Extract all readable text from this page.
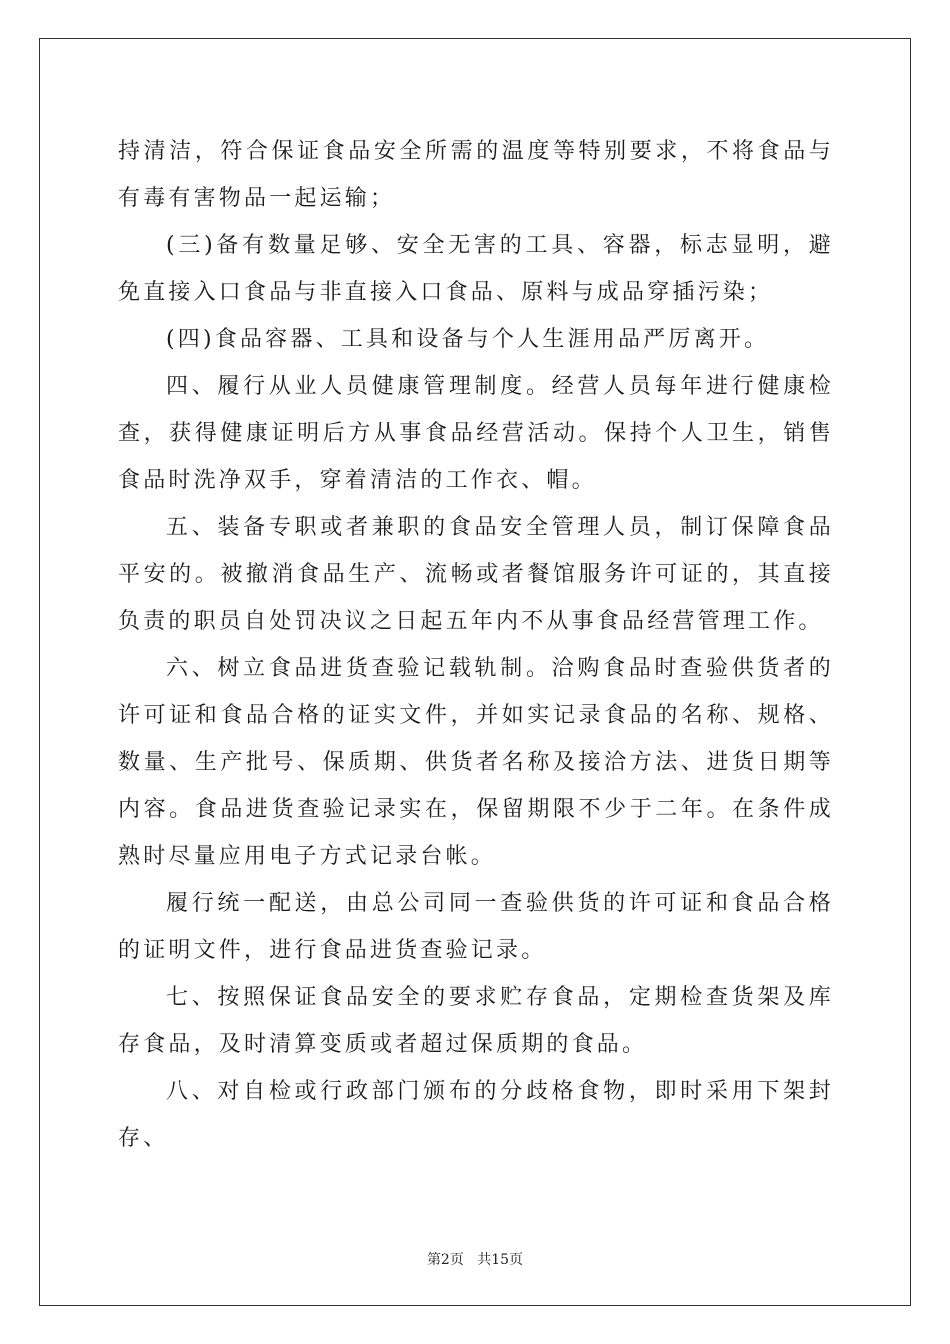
持清洁，符合保证食品安全所需的温度等特别要求，不将食品与有毒有害物品一起运输；

(三)备有数量足够、安全无害的工具、容器，标志显明，避免直接入口食品与非直接入口食品、原料与成品穿插污染；

(四)食品容器、工具和设备与个人生涯用品严厉离开。

四、履行从业人员健康管理制度。经营人员每年进行健康检查，获得健康证明后方从事食品经营活动。保持个人卫生，销售食品时洗净双手，穿着清洁的工作衣、帽。

五、装备专职或者兼职的食品安全管理人员，制订保障食品平安的。被撤消食品生产、流畅或者餐馆服务许可证的，其直接负责的职员自处罚决议之日起五年内不从事食品经营管理工作。

六、树立食品进货查验记载轨制。洽购食品时查验供货者的许可证和食品合格的证实文件，并如实记录食品的名称、规格、数量、生产批号、保质期、供货者名称及接洽方法、进货日期等内容。食品进货查验记录实在，保留期限不少于二年。在条件成熟时尽量应用电子方式记录台帐。

履行统一配送，由总公司同一查验供货的许可证和食品合格的证明文件，进行食品进货查验记录。

七、按照保证食品安全的要求贮存食品，定期检查货架及库存食品，及时清算变质或者超过保质期的食品。

八、对自检或行政部门颁布的分歧格食物，即时采用下架封存、

第2页 共15页
